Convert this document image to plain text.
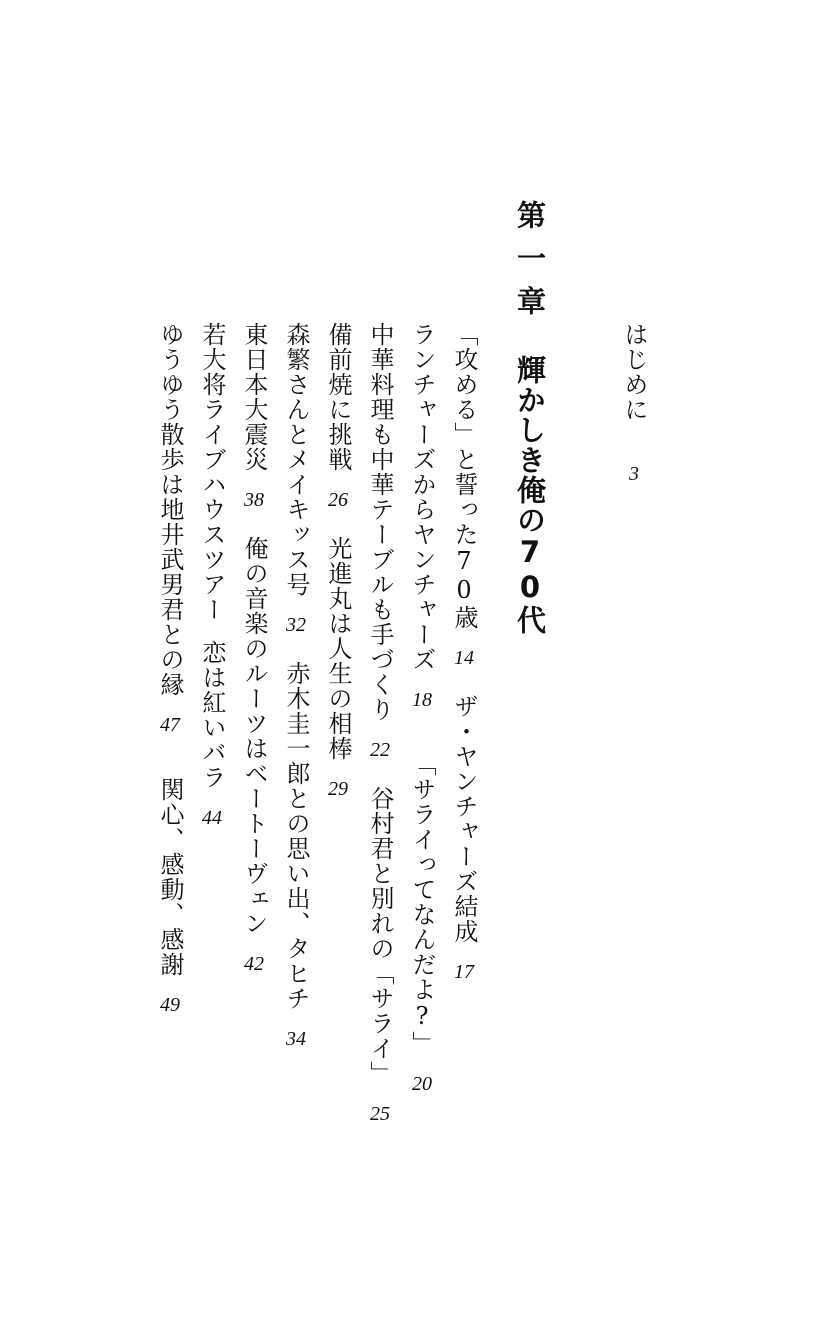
はじめに3
第一章輝かしき俺の70代
「攻める」と誓った70歳14ザ・ヤンチャーズ結成17
ランチャーズからヤンチャーズ18「サライってなんだよ?」20
中華料理も中華テーブルも手づくり22谷村君と別れの「サライ」25
備前焼に挑戦26光進丸は人生の相棒29
森繁さんとメイキッス号32赤木圭一郎との思い出、タヒチ34
東日本大震災38俺の音楽のルーツはベートーヴェン42
若大将ライブハウスツアー恋は紅いバラ44
ゆうゆう散歩は地井武男君との縁47関心、感動、感謝49
